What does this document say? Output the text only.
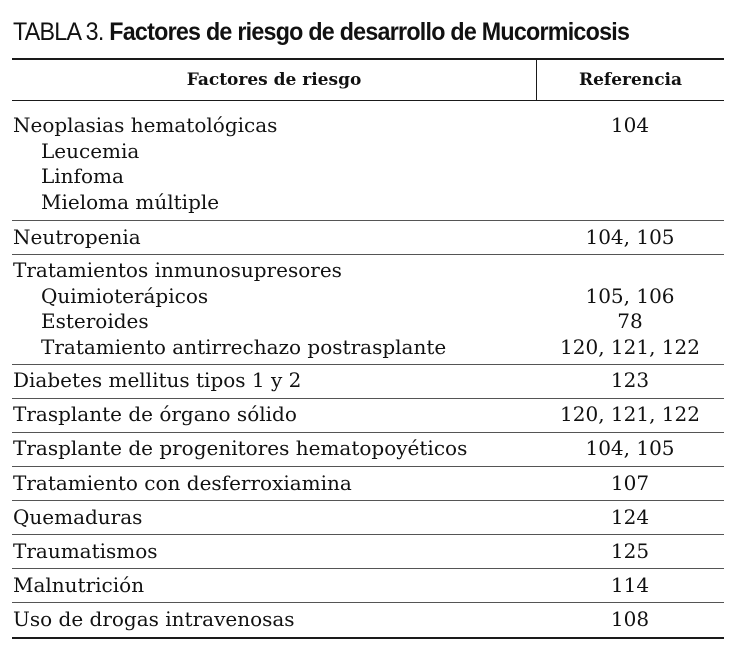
TABLA 3. Factores de riesgo de desarrollo de Mucormicosis
Factores de riesgo	Referencia
Neoplasias hematológicas	104
Leucemia
Linfoma
Mieloma múltiple
Neutropenia	104, 105
Tratamientos inmunosupresores
Quimioterápicos	105, 106
Esteroides	78
Tratamiento antirrechazo postrasplante	120, 121, 122
Diabetes mellitus tipos 1 y 2	123
Trasplante de órgano sólido	120, 121, 122
Trasplante de progenitores hematopoyéticos	104, 105
Tratamiento con desferroxiamina	107
Quemaduras	124
Traumatismos	125
Malnutrición	114
Uso de drogas intravenosas	108
